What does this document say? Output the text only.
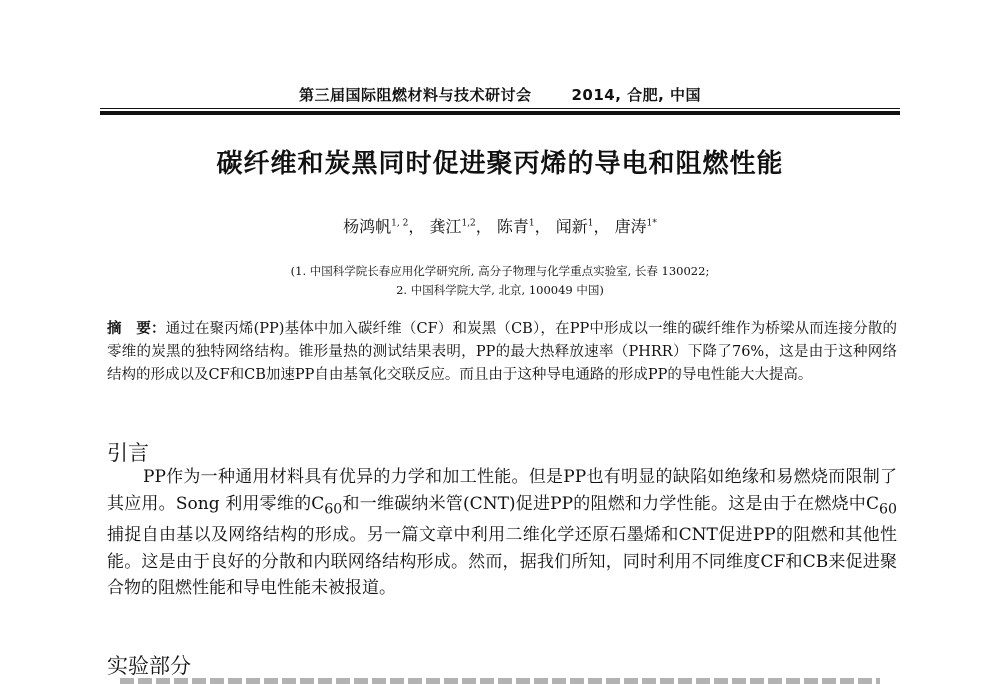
第三届国际阻燃材料与技术研讨会	2014, 合肥, 中国
碳纤维和炭黑同时促进聚丙烯的导电和阻燃性能
杨鸿帆$^{1, 2}$， 龚江$^{1,2}$， 陈青$^1$， 闻新$^1$， 唐涛$^{1*}$
(1. 中国科学院长春应用化学研究所, 高分子物理与化学重点实验室, 长春 130022;
2. 中国科学院大学, 北京, 100049 中国)
摘　要：通过在聚丙烯(PP)基体中加入碳纤维（CF）和炭黑（CB），在PP中形成以一维的碳纤维作为桥梁从而连接分散的零维的炭黑的独特网络结构。锥形量热的测试结果表明，PP的最大热释放速率（PHRR）下降了76%，这是由于这种网络结构的形成以及CF和CB加速PP自由基氧化交联反应。而且由于这种导电通路的形成PP的导电性能大大提高。
引言
PP作为一种通用材料具有优异的力学和加工性能。但是PP也有明显的缺陷如绝缘和易燃烧而限制了其应用。Song 利用零维的$C_{60}$和一维碳纳米管(CNT)促进PP的阻燃和力学性能。这是由于在燃烧中$C_{60}$捕捉自由基以及网络结构的形成。另一篇文章中利用二维化学还原石墨烯和CNT促进PP的阻燃和其他性能。这是由于良好的分散和内联网络结构形成。然而，据我们所知，同时利用不同维度CF和CB来促进聚合物的阻燃性能和导电性能未被报道。
实验部分
